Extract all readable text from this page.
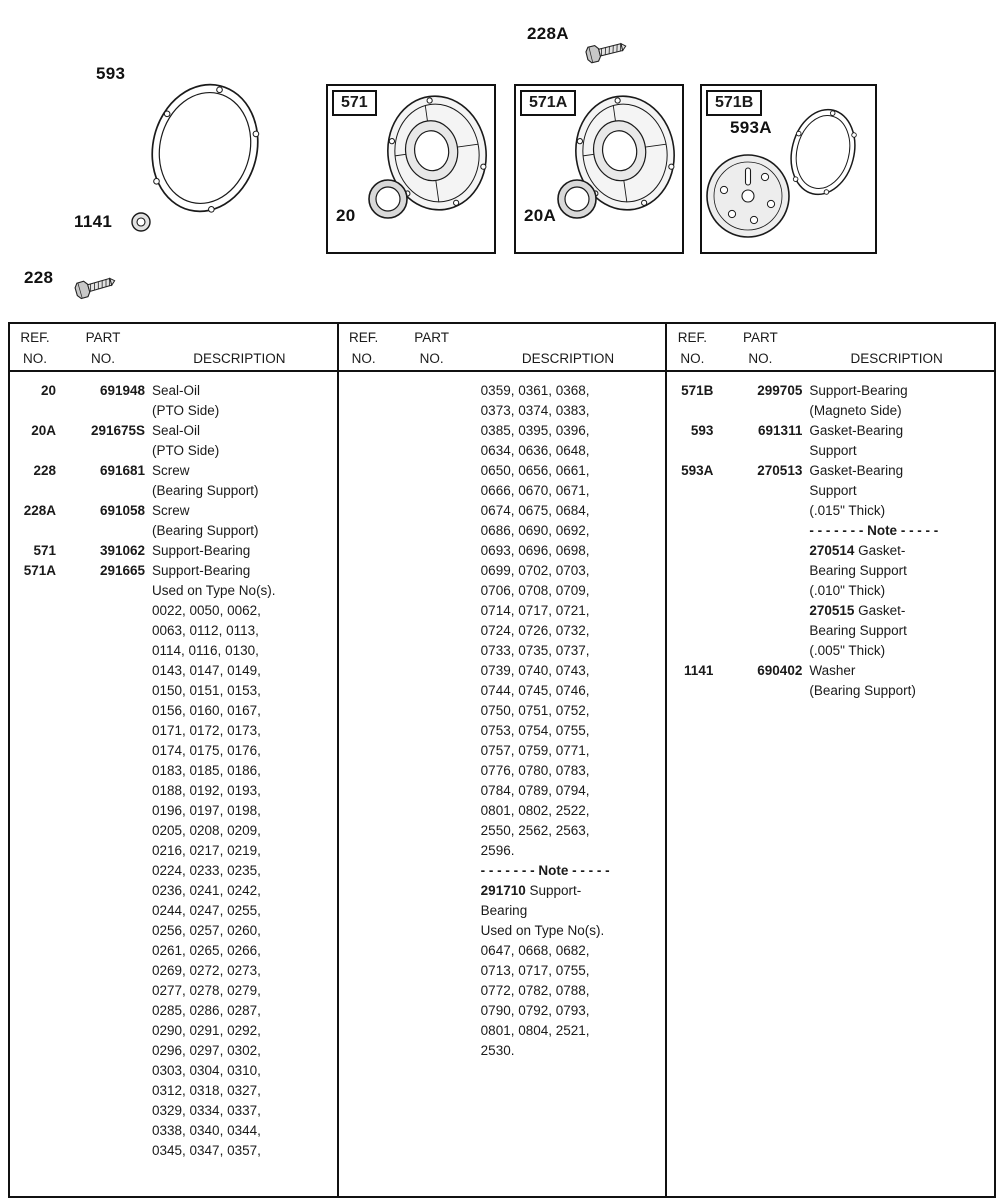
228A
593
1141
228
571	571A	571B
20	20A
593A
REF.
NO.
PART
NO.	DESCRIPTION
20	691948 Seal-Oil
(PTO Side)
20A	291675S Seal-Oil
(PTO Side)
228	691681 Screw
(Bearing Support)
228A	691058 Screw
(Bearing Support)
571	391062 Support-Bearing
571A	291665 Support-Bearing
Used on Type No(s).
0022, 0050, 0062,
0063, 0112, 0113,
0114, 0116, 0130,
0143, 0147, 0149,
0150, 0151, 0153,
0156, 0160, 0167,
0171, 0172, 0173,
0174, 0175, 0176,
0183, 0185, 0186,
0188, 0192, 0193,
0196, 0197, 0198,
0205, 0208, 0209,
0216, 0217, 0219,
0224, 0233, 0235,
0236, 0241, 0242,
0244, 0247, 0255,
0256, 0257, 0260,
0261, 0265, 0266,
0269, 0272, 0273,
0277, 0278, 0279,
0285, 0286, 0287,
0290, 0291, 0292,
0296, 0297, 0302,
0303, 0304, 0310,
0312, 0318, 0327,
0329, 0334, 0337,
0338, 0340, 0344,
0345, 0347, 0357,
REF.
NO.
PART
NO.	DESCRIPTION
0359, 0361, 0368,
0373, 0374, 0383,
0385, 0395, 0396,
0634, 0636, 0648,
0650, 0656, 0661,
0666, 0670, 0671,
0674, 0675, 0684,
0686, 0690, 0692,
0693, 0696, 0698,
0699, 0702, 0703,
0706, 0708, 0709,
0714, 0717, 0721,
0724, 0726, 0732,
0733, 0735, 0737,
0739, 0740, 0743,
0744, 0745, 0746,
0750, 0751, 0752,
0753, 0754, 0755,
0757, 0759, 0771,
0776, 0780, 0783,
0784, 0789, 0794,
0801, 0802, 2522,
2550, 2562, 2563,
2596.
- - - - - - - Note - - - - -
291710 Support-
Bearing
Used on Type No(s).
0647, 0668, 0682,
0713, 0717, 0755,
0772, 0782, 0788,
0790, 0792, 0793,
0801, 0804, 2521,
2530.
REF.
NO.
PART
NO.	DESCRIPTION
571B	299705 Support-Bearing
(Magneto Side)
593	691311 Gasket-Bearing
Support
593A	270513 Gasket-Bearing
Support
(.015" Thick)
- - - - - - - Note - - - - -
270514 Gasket-
Bearing Support
(.010" Thick)
270515 Gasket-
Bearing Support
(.005" Thick)
1141	690402 Washer
(Bearing Support)
